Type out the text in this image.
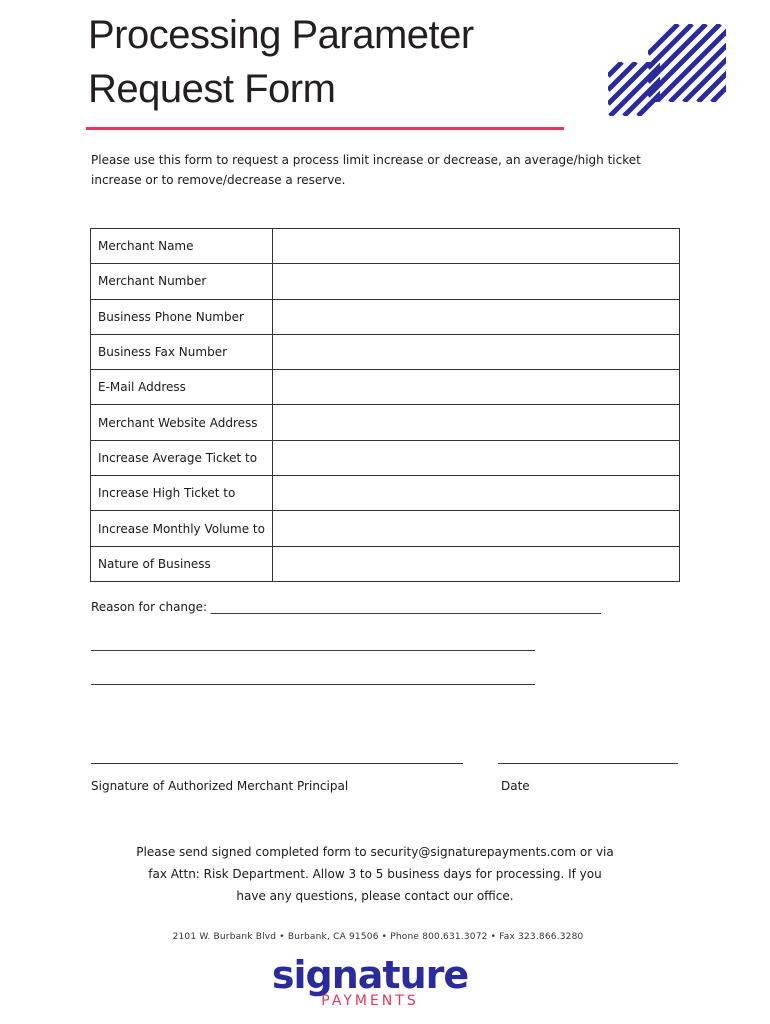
Processing Parameter
Request Form

Please use this form to request a process limit increase or decrease, an average/high ticket increase or to remove/decrease a reserve.

Merchant Name	
Merchant Number	
Business Phone Number	
Business Fax Number	
E-Mail Address	
Merchant Website Address	
Increase Average Ticket to	
Increase High Ticket to	
Increase Monthly Volume to	
Nature of Business	
Reason for change: _________________________________________________________________
__________________________________________________________________________
__________________________________________________________________________
Signature of Authorized Merchant Principal	Date
Please send signed completed form to security@signaturepayments.com or via
fax Attn: Risk Department. Allow 3 to 5 business days for processing. If you
have any questions, please contact our office.
2101 W. Burbank Blvd • Burbank, CA 91506 • Phone 800.631.3072 • Fax 323.866.3280
signature
PAYMENTS
